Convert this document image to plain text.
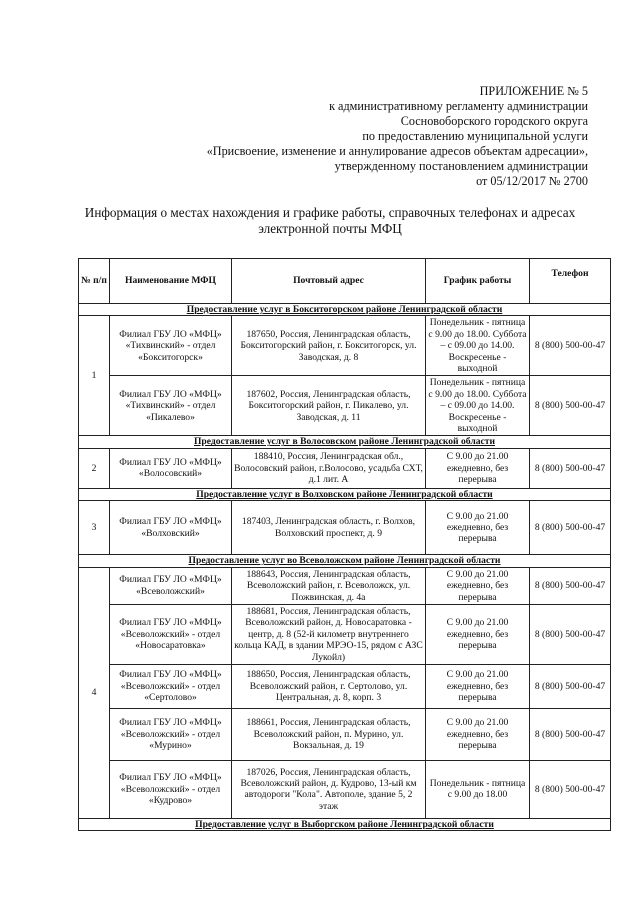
ПРИЛОЖЕНИЕ № 5
к административному регламенту администрации
Сосновоборского городского округа
по предоставлению муниципальной услуги
«Присвоение, изменение и аннулирование адресов объектам адресации»,
утвержденному постановлением администрации
от 05/12/2017 № 2700
Информация о местах нахождения и графике работы, справочных телефонах и адресах
электронной почты МФЦ
№ п/п	Наименование МФЦ	Почтовый адрес	График работы	Телефон
Предоставление услуг в Бокситогорском районе Ленинградской области				
1	Филиал ГБУ ЛО «МФЦ» «Тихвинский» - отдел «Бокситогорск»	187650, Россия, Ленинградская область, Бокситогорский район, г. Бокситогорск, ул. Заводская, д. 8	Понедельник - пятница с 9.00 до 18.00. Суббота – с 09.00 до 14.00. Воскресенье - выходной	8 (800) 500-00-47
	Филиал ГБУ ЛО «МФЦ» «Тихвинский» - отдел «Пикалево»	187602, Россия, Ленинградская область, Бокситогорский район, г. Пикалево, ул. Заводская, д. 11	Понедельник - пятница с 9.00 до 18.00. Суббота – с 09.00 до 14.00. Воскресенье - выходной	8 (800) 500-00-47
Предоставление услуг в Волосовском районе Ленинградской области				
2	Филиал ГБУ ЛО «МФЦ» «Волосовский»	188410, Россия, Ленинградская обл., Волосовский район, г.Волосово, усадьба СХТ, д.1 лит. А	С 9.00 до 21.00 ежедневно, без перерыва	8 (800) 500-00-47
Предоставление услуг в Волховском районе Ленинградской области				
3	Филиал ГБУ ЛО «МФЦ» «Волховский»	187403, Ленинградская область, г. Волхов, Волховский проспект, д. 9	С 9.00 до 21.00 ежедневно, без перерыва	8 (800) 500-00-47
Предоставление услуг во Всеволожском районе Ленинградской области				
4	Филиал ГБУ ЛО «МФЦ» «Всеволожский»	188643, Россия, Ленинградская область, Всеволожский район, г. Всеволожск, ул. Пожвинская, д. 4а	С 9.00 до 21.00 ежедневно, без перерыва	8 (800) 500-00-47
	Филиал ГБУ ЛО «МФЦ» «Всеволожский» - отдел «Новосаратовка»	188681, Россия, Ленинградская область, Всеволожский район, д. Новосаратовка - центр, д. 8 (52-й километр внутреннего кольца КАД, в здании МРЭО-15, рядом с АЗС Лукойл)	С 9.00 до 21.00 ежедневно, без перерыва	8 (800) 500-00-47
	Филиал ГБУ ЛО «МФЦ» «Всеволожский» - отдел «Сертолово»	188650, Россия, Ленинградская область, Всеволожский район, г. Сертолово, ул. Центральная, д. 8, корп. 3	С 9.00 до 21.00 ежедневно, без перерыва	8 (800) 500-00-47
	Филиал ГБУ ЛО «МФЦ» «Всеволожский» - отдел «Мурино»	188661, Россия, Ленинградская область, Всеволожский район, п. Мурино, ул. Вокзальная, д. 19	С 9.00 до 21.00 ежедневно, без перерыва	8 (800) 500-00-47
	Филиал ГБУ ЛО «МФЦ» «Всеволожский» - отдел «Кудрово»	187026, Россия, Ленинградская область, Всеволожский район, д. Кудрово, 13-ый км автодороги "Кола". Автополе, здание 5, 2 этаж	Понедельник - пятница с 9.00 до 18.00	8 (800) 500-00-47
Предоставление услуг в Выборгском районе Ленинградской области				
